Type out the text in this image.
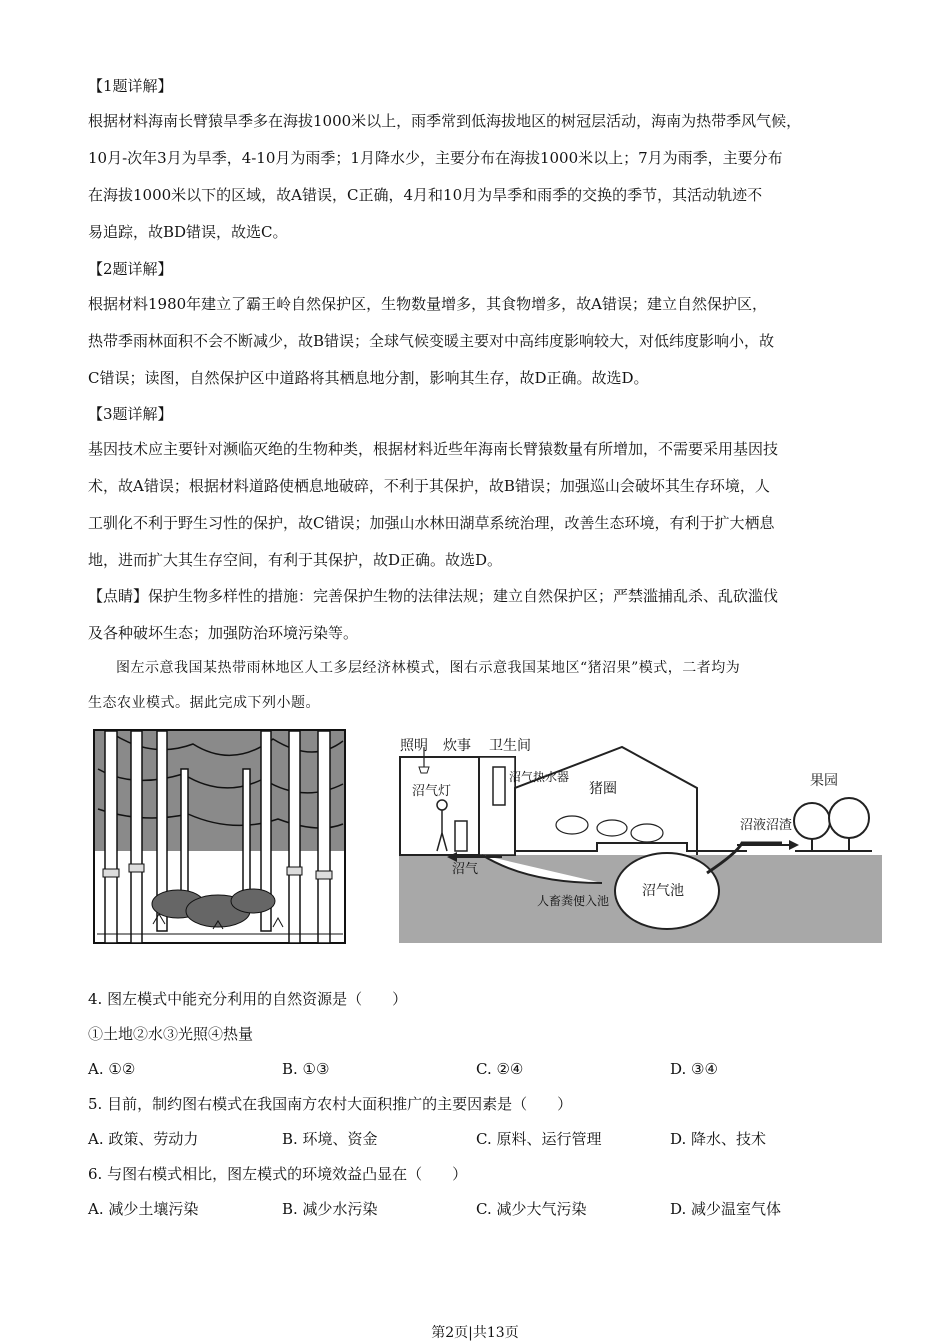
【1题详解】
根据材料海南长臂猿旱季多在海拔1000米以上，雨季常到低海拔地区的树冠层活动，海南为热带季风气候，
10月-次年3月为旱季，4-10月为雨季；1月降水少，主要分布在海拔1000米以上；7月为雨季，主要分布
在海拔1000米以下的区域，故A错误，C正确，4月和10月为旱季和雨季的交换的季节，其活动轨迹不
易追踪，故BD错误，故选C。
【2题详解】
根据材料1980年建立了霸王岭自然保护区，生物数量增多，其食物增多，故A错误；建立自然保护区，
热带季雨林面积不会不断减少，故B错误；全球气候变暖主要对中高纬度影响较大，对低纬度影响小，故
C错误；读图，自然保护区中道路将其栖息地分割，影响其生存，故D正确。故选D。
【3题详解】
基因技术应主要针对濒临灭绝的生物种类，根据材料近些年海南长臂猿数量有所增加，不需要采用基因技
术，故A错误；根据材料道路使栖息地破碎，不利于其保护，故B错误；加强巡山会破坏其生存环境，人
工驯化不利于野生习性的保护，故C错误；加强山水林田湖草系统治理，改善生态环境，有利于扩大栖息
地，进而扩大其生存空间，有利于其保护，故D正确。故选D。
【点睛】保护生物多样性的措施：完善保护生物的法律法规；建立自然保护区；严禁滥捕乱杀、乱砍滥伐
及各种破坏生态；加强防治环境污染等。
图左示意我国某热带雨林地区人工多层经济林模式，图右示意我国某地区“猪沼果”模式，二者均为
生态农业模式。据此完成下列小题。
照明 炊事 卫生间
沼气灯
沼气热水器
猪圈	果园
沼液沼渣
沼气
沼气池
人畜粪便入池
4. 图左模式中能充分利用的自然资源是（　　）
①土地②水③光照④热量
A. ①②	B. ①③	C. ②④	D. ③④
5. 目前，制约图右模式在我国南方农村大面积推广的主要因素是（　　）
A. 政策、劳动力	B. 环境、资金	C. 原料、运行管理	D. 降水、技术
6. 与图右模式相比，图左模式的环境效益凸显在（　　）
A. 减少土壤污染	B. 减少水污染	C. 减少大气污染	D. 减少温室气体
第2页|共13页
